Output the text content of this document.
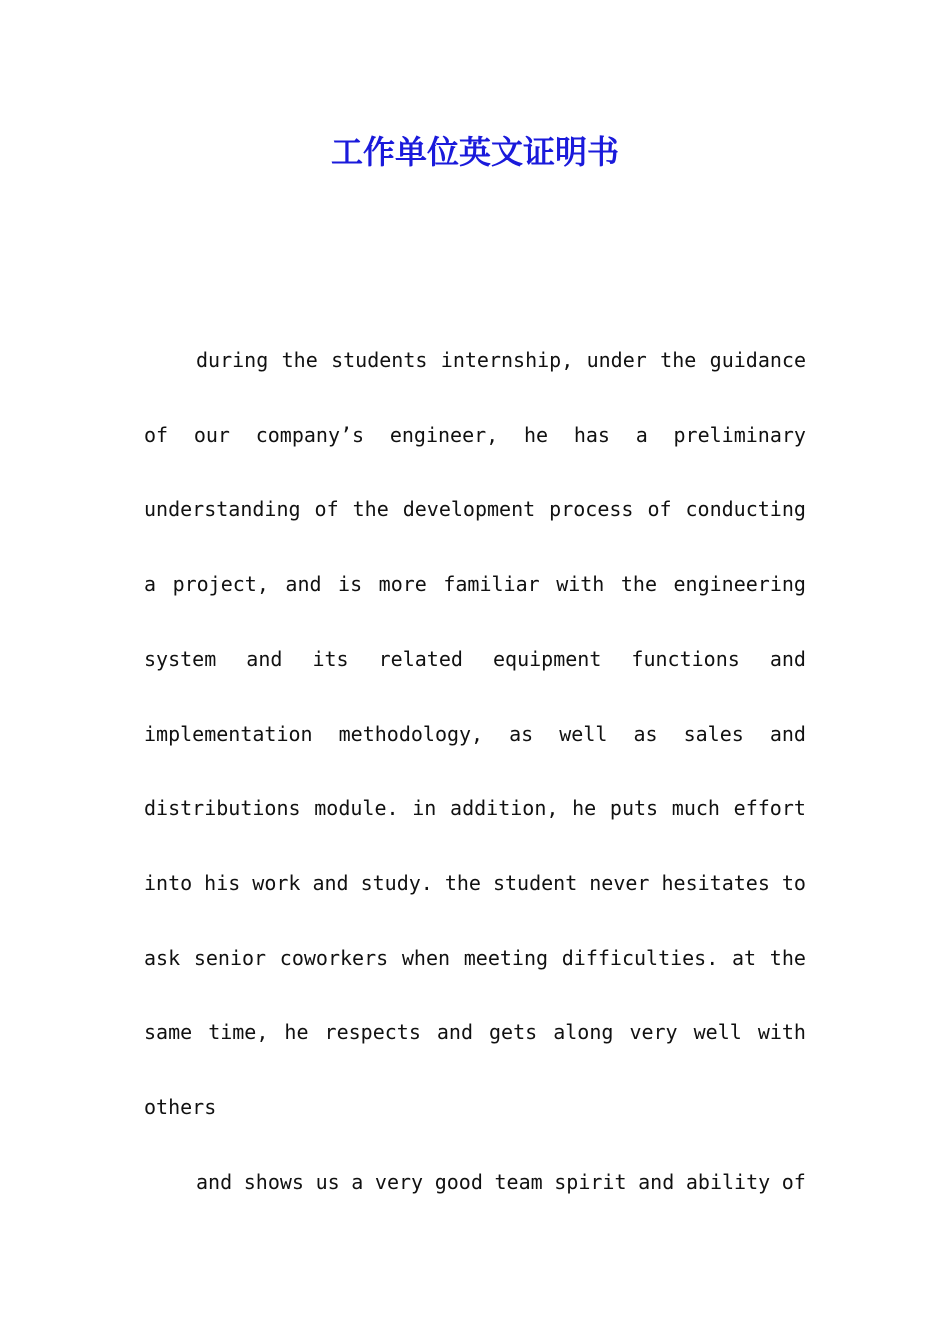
工作单位英文证明书
during the students internship, under the guidance
of our company’s engineer, he has a preliminary
understanding of the development process of conducting
a project, and is more familiar with the engineering
system and its related equipment functions and
implementation methodology, as well as sales and
distributions module. in addition, he puts much effort
into his work and study. the student never hesitates to
ask senior coworkers when meeting difficulties. at the
same time, he respects and gets along very well with
others
and shows us a very good team spirit and ability of
